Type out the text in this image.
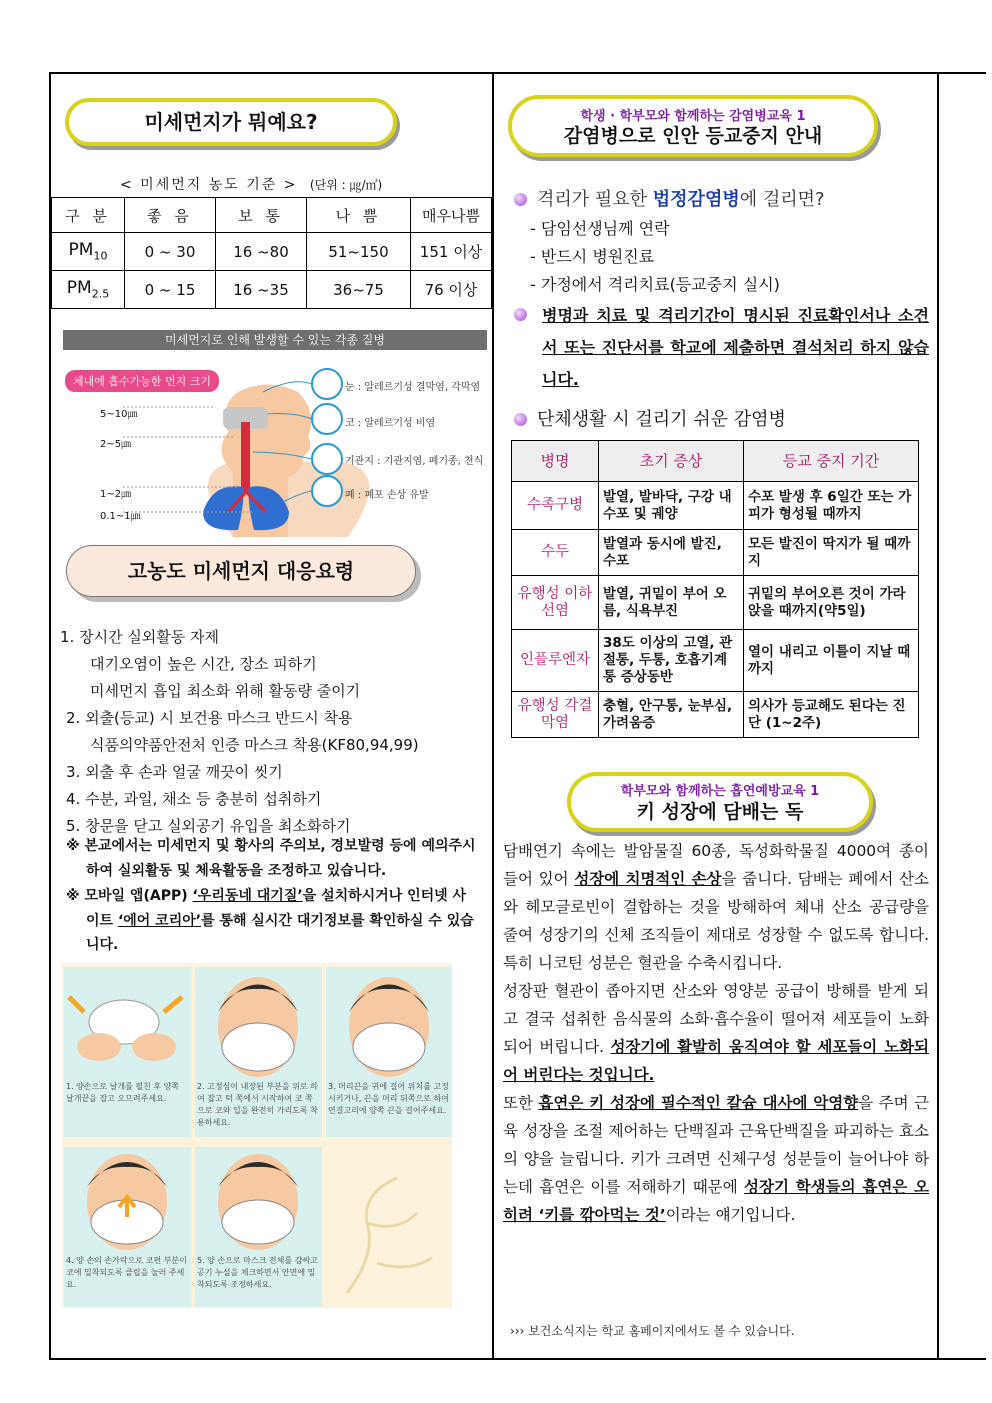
미세먼지가 뭐예요?
< 미세먼지 농도 기준 > (단위 : ㎍/㎥)
구 분	좋 음	보 통	나 쁨	매우나쁨
$PM_{10}$	0 ~ 30	16 ~80	51~150	151 이상
$PM_{2.5}$	0 ~ 15	16 ~35	36~75	76 이상
미세먼지로 인해 발생할 수 있는 각종 질병
체내에 흡수가능한 먼지 크기
5~10㎛
2~5㎛
1~2㎛
0.1~1㎛
눈 : 알레르기성 결막염, 각막염
코 : 알레르기성 비염
기관지 : 기관지염, 폐기종, 천식
폐 : 폐포 손상 유발
고농도 미세먼지 대응요령
1. 장시간 실외활동 자제
대기오염이 높은 시간, 장소 피하기
미세먼지 흡입 최소화 위해 활동량 줄이기
2. 외출(등교) 시 보건용 마스크 반드시 착용
식품의약품안전처 인증 마스크 착용(KF80,94,99)
3. 외출 후 손과 얼굴 깨끗이 씻기
4. 수분, 과일, 채소 등 충분히 섭취하기
5. 창문을 닫고 실외공기 유입을 최소화하기
※ 본교에서는 미세먼지 및 황사의 주의보, 경보발령 등에 예의주시하여 실외활동 및 체육활동을 조정하고 있습니다.
※ 모바일 앱(APP) ‘우리동네 대기질’을 설치하시거나 인터넷 사이트 ‘에어 코리아’를 통해 실시간 대기정보를 확인하실 수 있습니다.
1. 양손으로 날개를 펼친 후 양쪽 날개끝을 잡고 오므려주세요.
2. 고정심이 내장된 부분을 위로 하여 잡고 턱 쪽에서 시작하여 코 쪽으로 코와 입을 완전히 가리도록 착용하세요.
3. 머리끈을 귀에 걸어 위치를 고정시키거나, 끈을 머리 뒤쪽으로 하여 연결고리에 양쪽 끈을 걸어주세요.
4. 양 손의 손가락으로 코편 부분이 코에 밀착되도록 클립을 눌러 주세요.
5. 양 손으로 마스크 전체를 감싸고 공기 누설을 체크하면서 안면에 밀착되도록 조정하세요.
학생 · 학부모와 함께하는 감염병교육 1
감염병으로 인안 등교중지 안내
격리가 필요한 법정감염병에 걸리면?
- 담임선생님께 연락
- 반드시 병원진료
- 가정에서 격리치료(등교중지 실시)
병명과 치료 및 격리기간이 명시된 진료확인서나 소견서 또는 진단서를 학교에 제출하면 결석처리 하지 않습니다.
단체생활 시 걸리기 쉬운 감염병
병명	초기 증상	등교 중지 기간
수족구병	발열, 발바닥, 구강 내 수포 및 궤양	수포 발생 후 6일간 또는 가피가 형성될 때까지
수두	발열과 동시에 발진, 수포	모든 발진이 딱지가 될 때까지
유행성 이하선염	발열, 귀밑이 부어 오름, 식욕부진	귀밑의 부어오른 것이 가라앉을 때까지(약5일)
인플루엔자	38도 이상의 고열, 관절통, 두통, 호흡기계통 증상동반	열이 내리고 이틀이 지날 때까지
유행성 각결막염	충혈, 안구통, 눈부심, 가려움증	의사가 등교해도 된다는 진단 (1~2주)
학부모와 함께하는 흡연예방교육 1
키 성장에 담배는 독
담배연기 속에는 발암물질 60종, 독성화학물질 4000여 종이 들어 있어 성장에 치명적인 손상을 줍니다. 담배는 폐에서 산소와 헤모글로빈이 결합하는 것을 방해하여 체내 산소 공급량을 줄여 성장기의 신체 조직들이 제대로 성장할 수 없도록 합니다. 특히 니코틴 성분은 혈관을 수축시킵니다.
성장판 혈관이 좁아지면 산소와 영양분 공급이 방해를 받게 되고 결국 섭취한 음식물의 소화·흡수율이 떨어져 세포들이 노화되어 버립니다. 성장기에 활발히 움직여야 할 세포들이 노화되어 버린다는 것입니다.
또한 흡연은 키 성장에 필수적인 칼슘 대사에 악영향을 주며 근육 성장을 조절 제어하는 단백질과 근육단백질을 파괴하는 효소의 양을 늘립니다. 키가 크려면 신체구성 성분들이 늘어나야 하는데 흡연은 이를 저해하기 때문에 성장기 학생들의 흡연은 오히려 ‘키를 깎아먹는 것’이라는 얘기입니다.
››› 보건소식지는 학교 홈페이지에서도 볼 수 있습니다.
